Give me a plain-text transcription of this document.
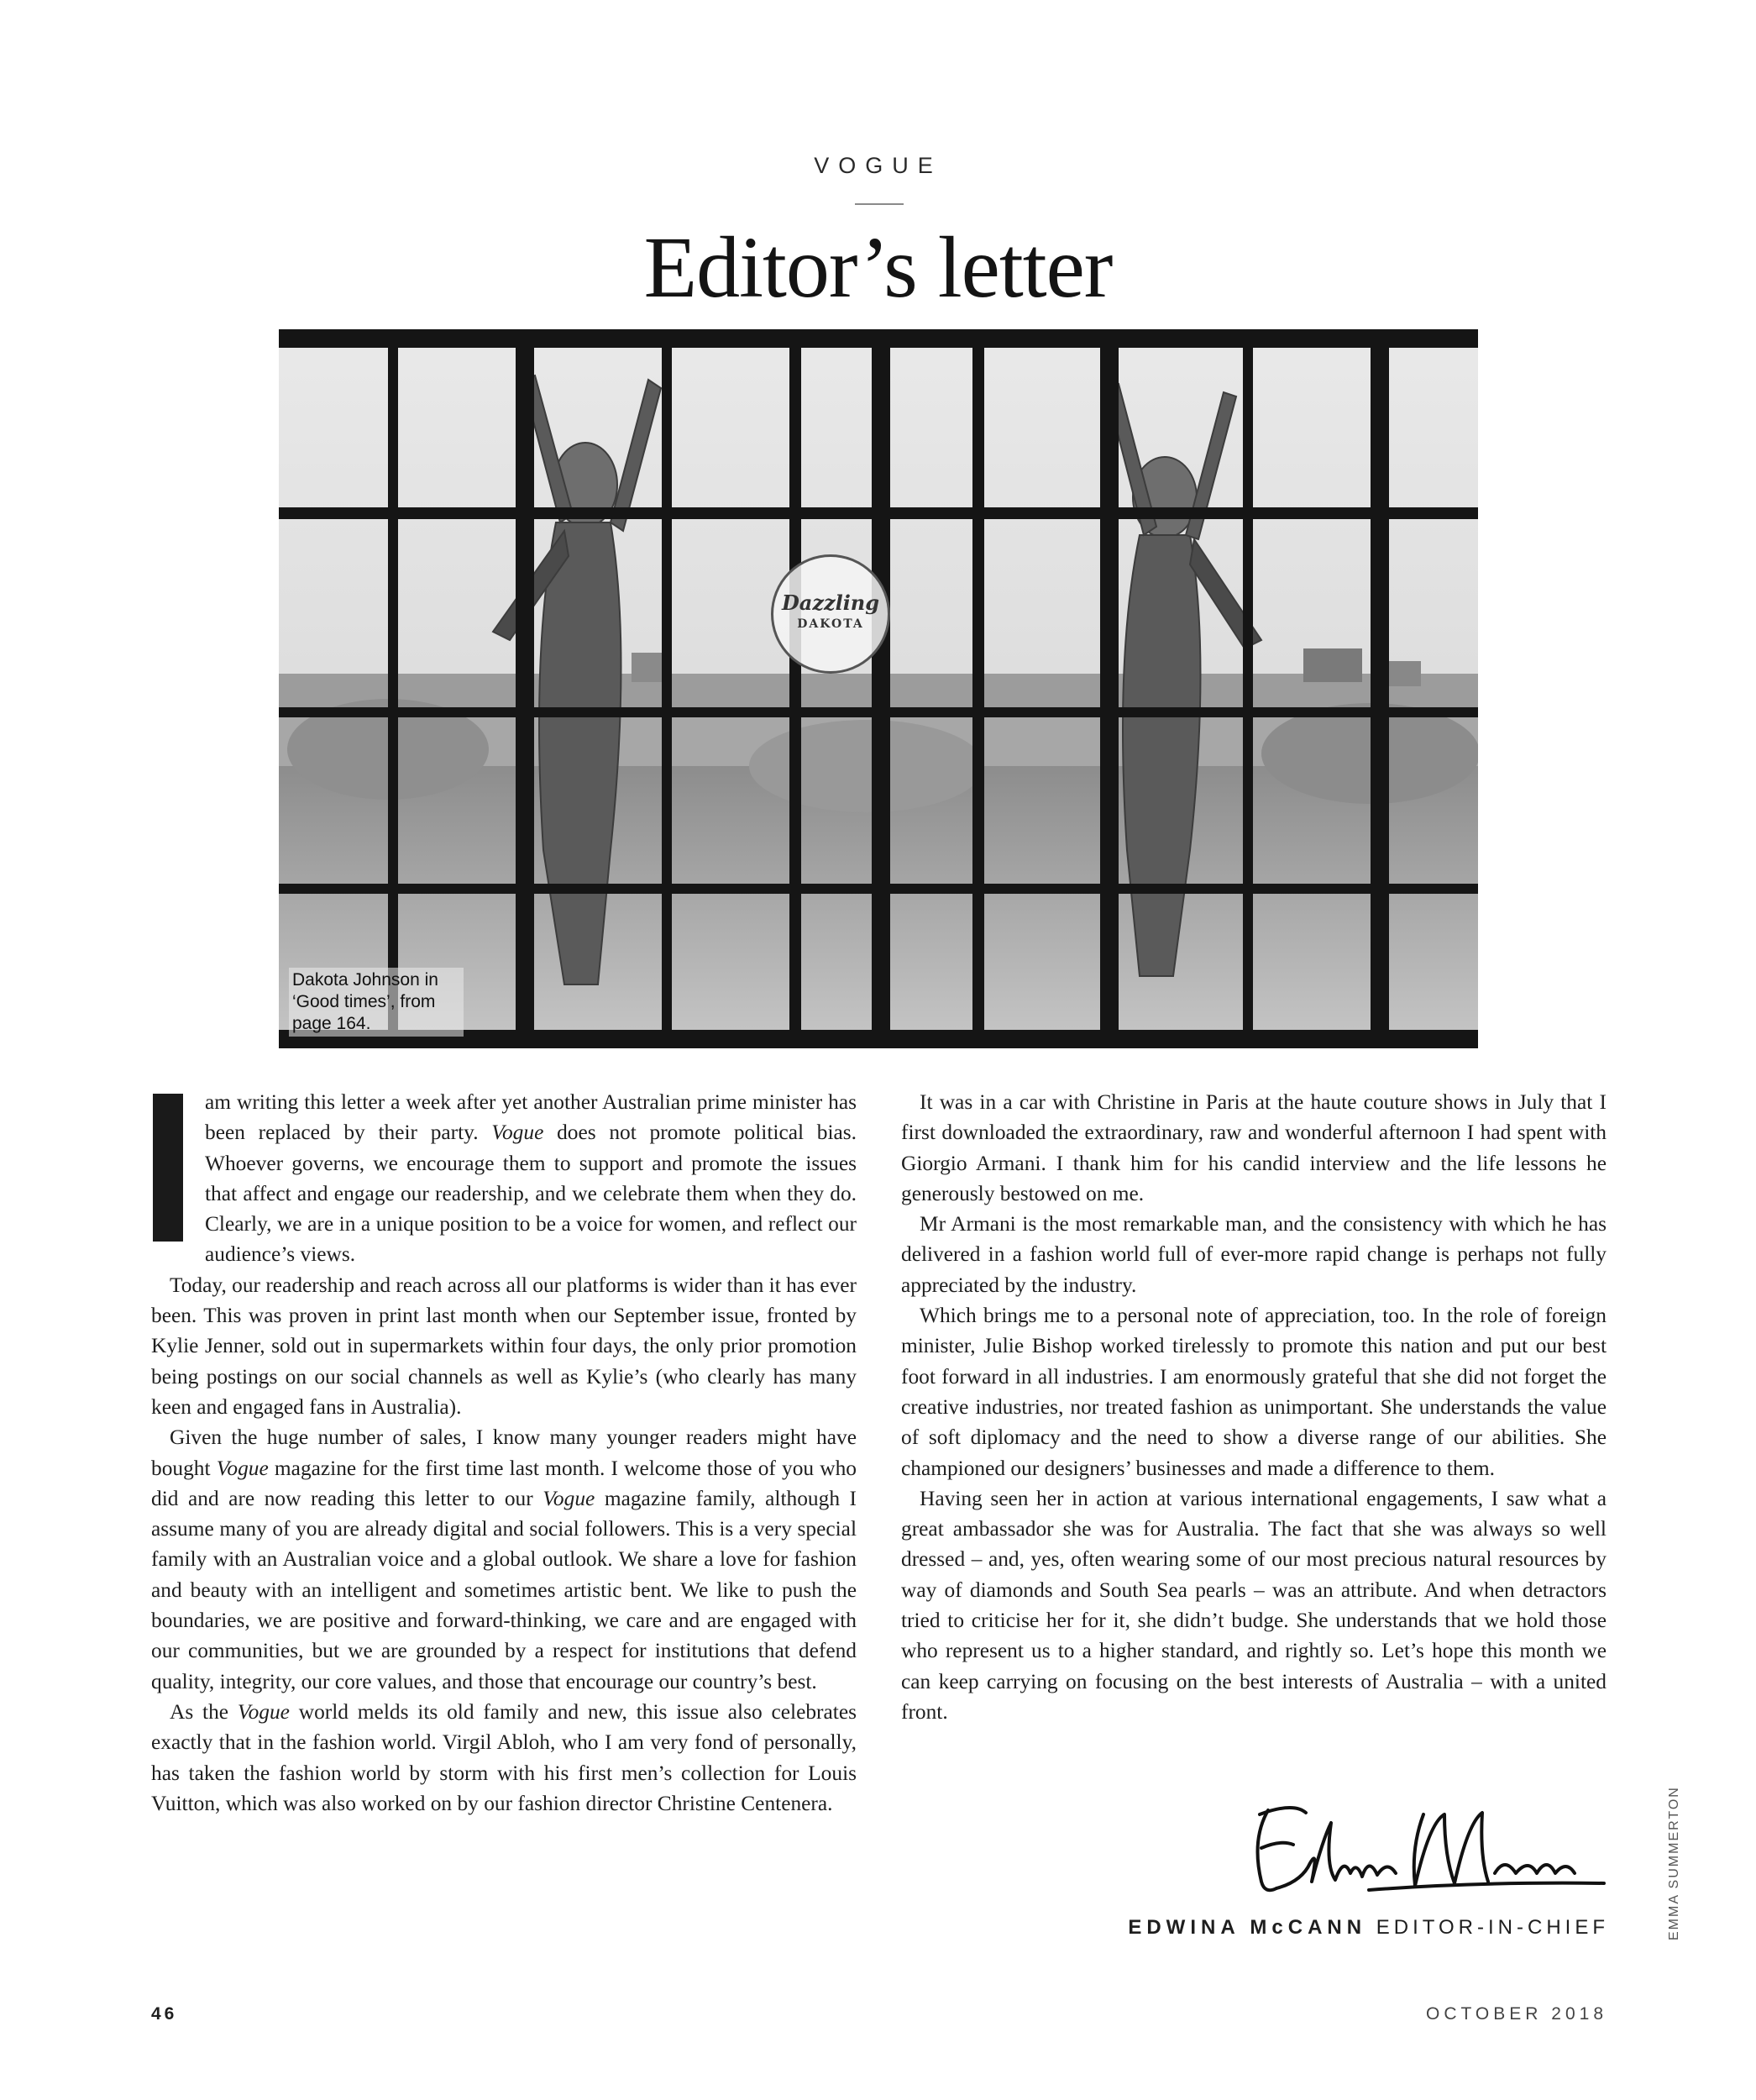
VOGUE
Editor’s letter
Dazzling
DAKOTA
Dakota Johnson in ‘Good times’, from page 164.

am writing this letter a week after yet another Australian prime minister has been replaced by their party. Vogue does not promote political bias. Whoever governs, we encourage them to support and promote the issues that affect and engage our readership, and we celebrate them when they do. Clearly, we are in a unique position to be a voice for women, and reflect our audience’s views.

Today, our readership and reach across all our platforms is wider than it has ever been. This was proven in print last month when our September issue, fronted by Kylie Jenner, sold out in supermarkets within four days, the only prior promotion being postings on our social channels as well as Kylie’s (who clearly has many keen and engaged fans in Australia).

Given the huge number of sales, I know many younger readers might have bought Vogue magazine for the first time last month. I welcome those of you who did and are now reading this letter to our Vogue magazine family, although I assume many of you are already digital and social followers. This is a very special family with an Australian voice and a global outlook. We share a love for fashion and beauty with an intelligent and sometimes artistic bent. We like to push the boundaries, we are positive and forward-thinking, we care and are engaged with our communities, but we are grounded by a respect for institutions that defend quality, integrity, our core values, and those that encourage our country’s best.

As the Vogue world melds its old family and new, this issue also celebrates exactly that in the fashion world. Virgil Abloh, who I am very fond of personally, has taken the fashion world by storm with his first men’s collection for Louis Vuitton, which was also worked on by our fashion director Christine Centenera.

It was in a car with Christine in Paris at the haute couture shows in July that I first downloaded the extraordinary, raw and wonderful afternoon I had spent with Giorgio Armani. I thank him for his candid interview and the life lessons he generously bestowed on me.

Mr Armani is the most remarkable man, and the consistency with which he has delivered in a fashion world full of ever-more rapid change is perhaps not fully appreciated by the industry.

Which brings me to a personal note of appreciation, too. In the role of foreign minister, Julie Bishop worked tirelessly to promote this nation and put our best foot forward in all industries. I am enormously grateful that she did not forget the creative industries, nor treated fashion as unimportant. She understands the value of soft diplomacy and the need to show a diverse range of our abilities. She championed our designers’ businesses and made a difference to them.

Having seen her in action at various international engagements, I saw what a great ambassador she was for Australia. The fact that she was always so well dressed – and, yes, often wearing some of our most precious natural resources by way of diamonds and South Sea pearls – was an attribute. And when detractors tried to criticise her for it, she didn’t budge. She understands that we hold those who represent us to a higher standard, and rightly so. Let’s hope this month we can keep carrying on focusing on the best interests of Australia – with a united front.

EDWINA McCANN EDITOR-IN-CHIEF	EMMA SUMMERTON
46	OCTOBER 2018
